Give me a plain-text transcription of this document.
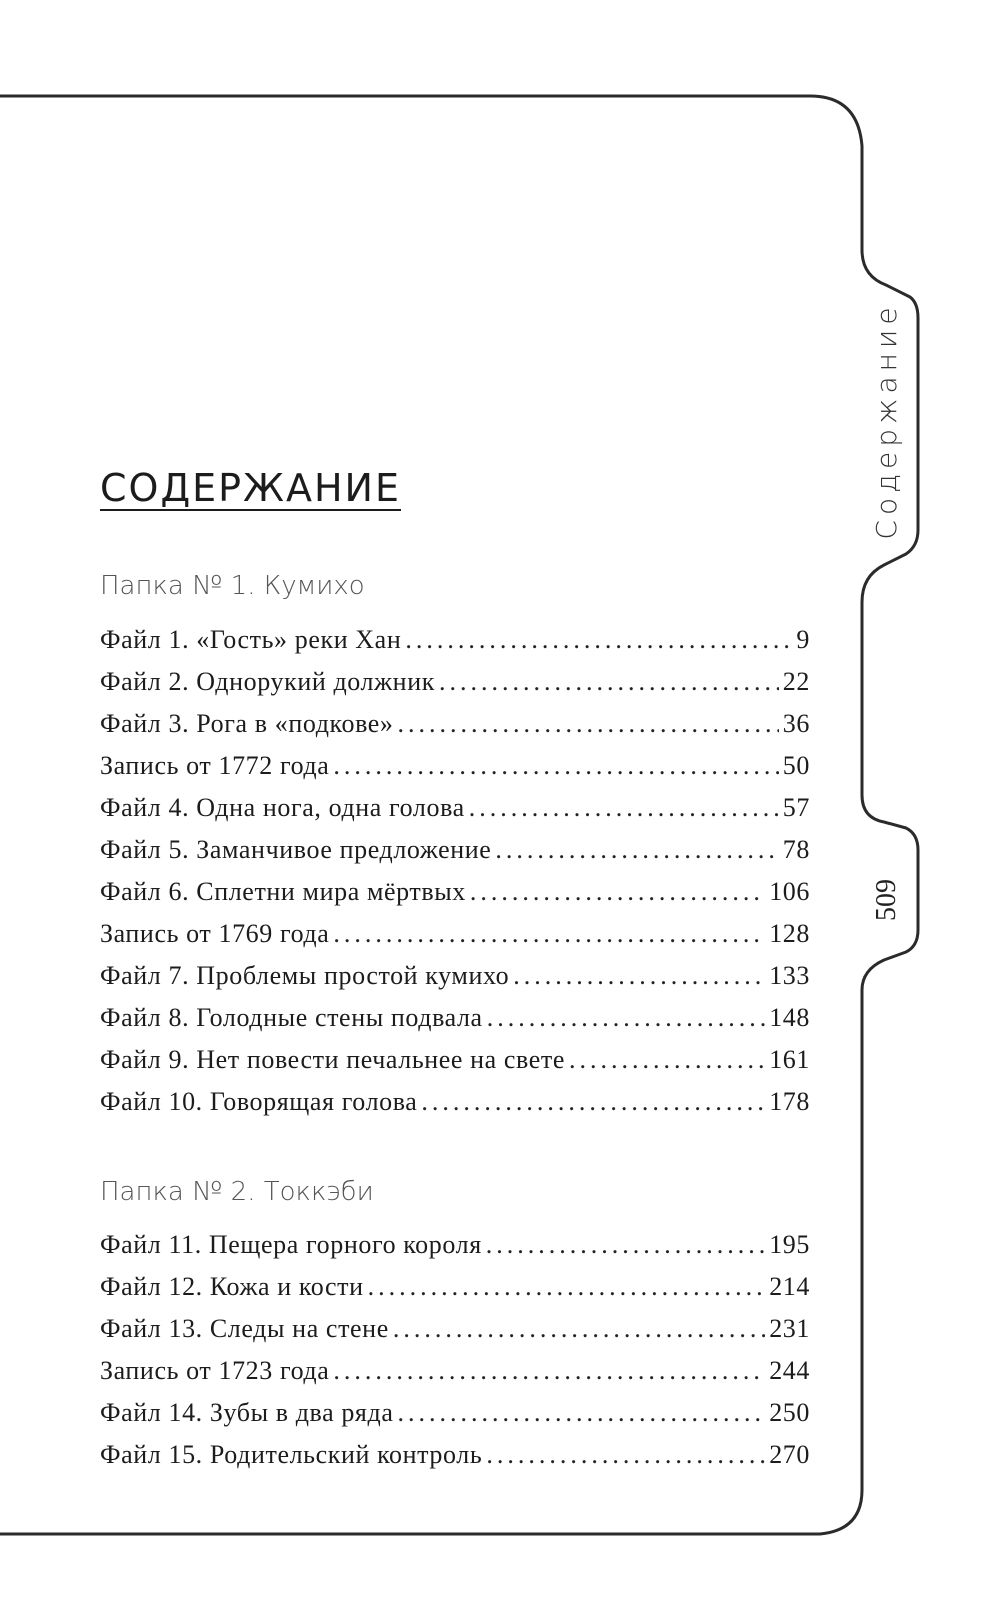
Содержание
509
СОДЕРЖАНИЕ
Папка № 1. Кумихо
Файл 1. «Гость» реки Хан .....	9
Файл 2. Однорукий должник .....	22
Файл 3. Рога в «подкове» .....	36
Запись от 1772 года .....	50
Файл 4. Одна нога, одна голова .....	57
Файл 5. Заманчивое предложение .....	78
Файл 6. Сплетни мира мёртвых .....	106
Запись от 1769 года .....	128
Файл 7. Проблемы простой кумихо .....	133
Файл 8. Голодные стены подвала .....	148
Файл 9. Нет повести печальнее на свете .....	161
Файл 10. Говорящая голова .....	178
Папка № 2. Токкэби
Файл 11. Пещера горного короля .....	195
Файл 12. Кожа и кости .....	214
Файл 13. Следы на стене .....	231
Запись от 1723 года .....	244
Файл 14. Зубы в два ряда .....	250
Файл 15. Родительский контроль .....	270
